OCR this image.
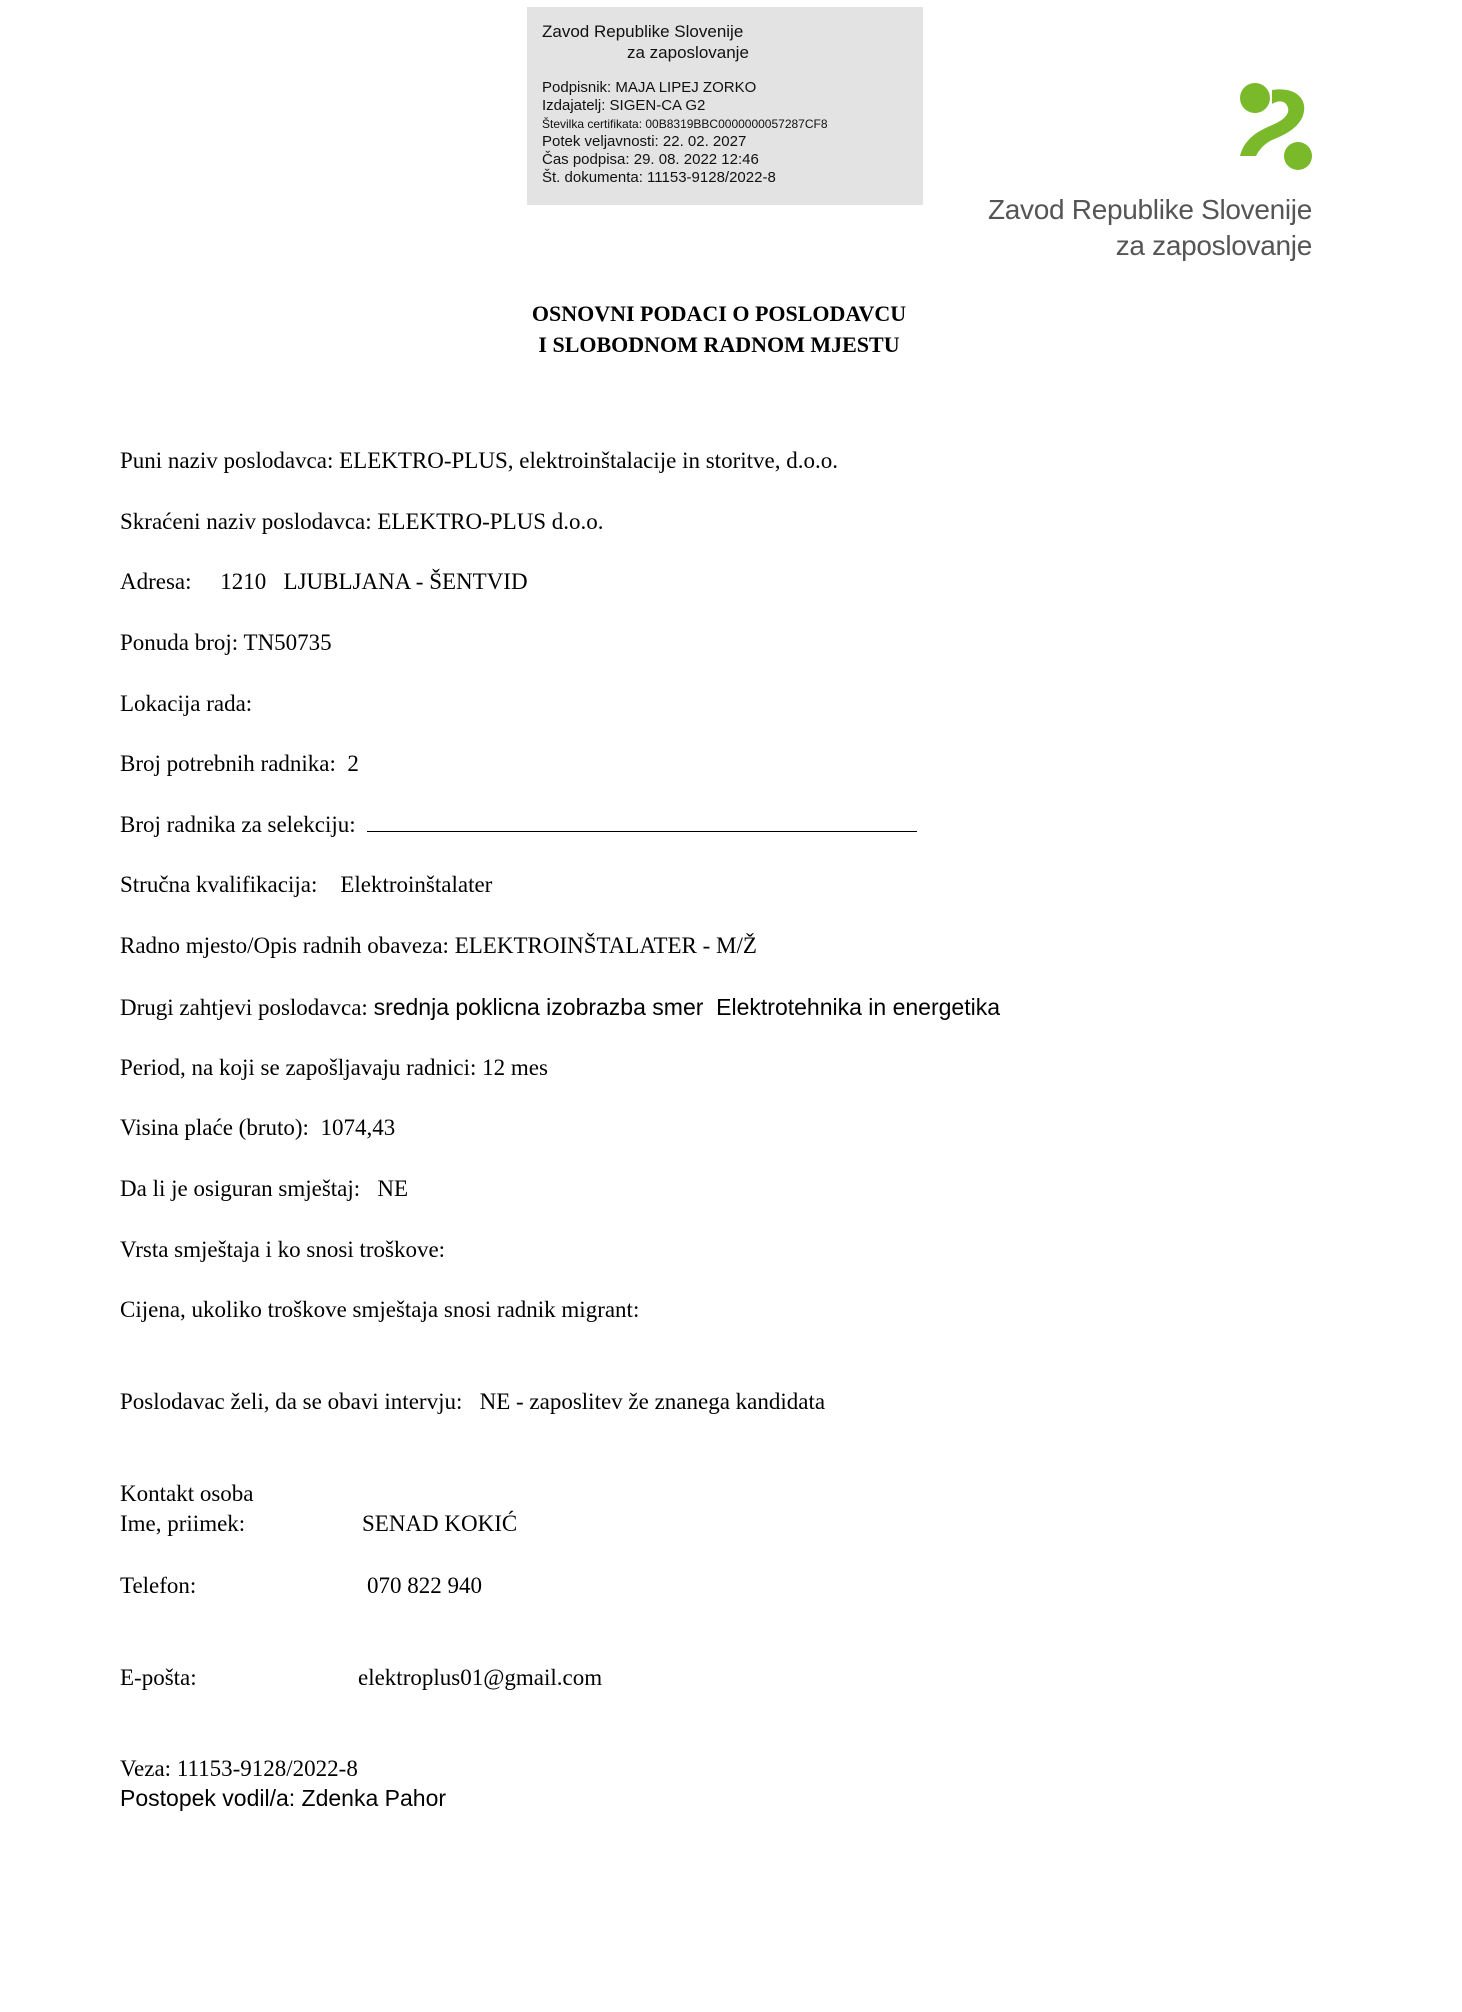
Zavod Republike Slovenije
za zaposlovanje
Podpisnik: MAJA LIPEJ ZORKO
Izdajatelj: SIGEN-CA G2
Številka certifikata: 00B8319BBC0000000057287CF8
Potek veljavnosti: 22. 02. 2027
Čas podpisa: 29. 08. 2022 12:46
Št. dokumenta: 11153-9128/2022-8
Zavod Republike Slovenije
za zaposlovanje
OSNOVNI PODACI O POSLODAVCU
I SLOBODNOM RADNOM MJESTU
Puni naziv poslodavca: ELEKTRO-PLUS, elektroinštalacije in storitve, d.o.o.
Skraćeni naziv poslodavca: ELEKTRO-PLUS d.o.o.
Adresa:     1210   LJUBLJANA - ŠENTVID
Ponuda broj: TN50735
Lokacija rada:
Broj potrebnih radnika:  2
Broj radnika za selekciju:
Stručna kvalifikacija:    Elektroinštalater
Radno mjesto/Opis radnih obaveza: ELEKTROINŠTALATER - M/Ž
Drugi zahtjevi poslodavca: srednja poklicna izobrazba smer  Elektrotehnika in energetika
Period, na koji se zapošljavaju radnici: 12 mes
Visina plaće (bruto):  1074,43
Da li je osiguran smještaj:   NE
Vrsta smještaja i ko snosi troškove:
Cijena, ukoliko troškove smještaja snosi radnik migrant:
Poslodavac želi, da se obavi intervju:   NE - zaposlitev že znanega kandidata
Kontakt osoba
Ime, priimek:	SENAD KOKIĆ
Telefon:	070 822 940
E-pošta:	elektroplus01@gmail.com
Veza: 11153-9128/2022-8
Postopek vodil/a: Zdenka Pahor
